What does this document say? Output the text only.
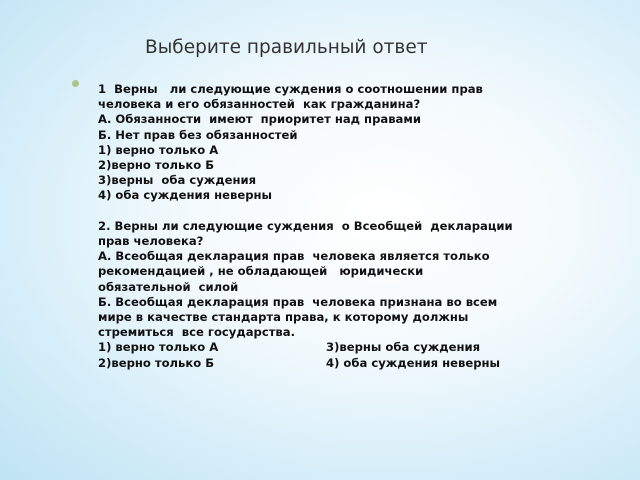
Выберите правильный ответ
1  Верны   ли следующие суждения о соотношении прав
человека и его обязанностей  как гражданина?
А. Обязанности  имеют  приоритет над правами
Б. Нет прав без обязанностей
1) верно только А
2)верно только Б
3)верны  оба суждения
4) оба суждения неверны
2. Верны ли следующие суждения  о Всеобщей  декларации
прав человека?
А. Всеобщая декларация прав  человека является только
рекомендацией , не обладающей   юридически
обязательной  силой
Б. Всеобщая декларация прав  человека признана во всем
мире в качестве стандарта права, к которому должны
стремиться  все государства.
1) верно только А	3)верны оба суждения
2)верно только Б	4) оба суждения неверны
